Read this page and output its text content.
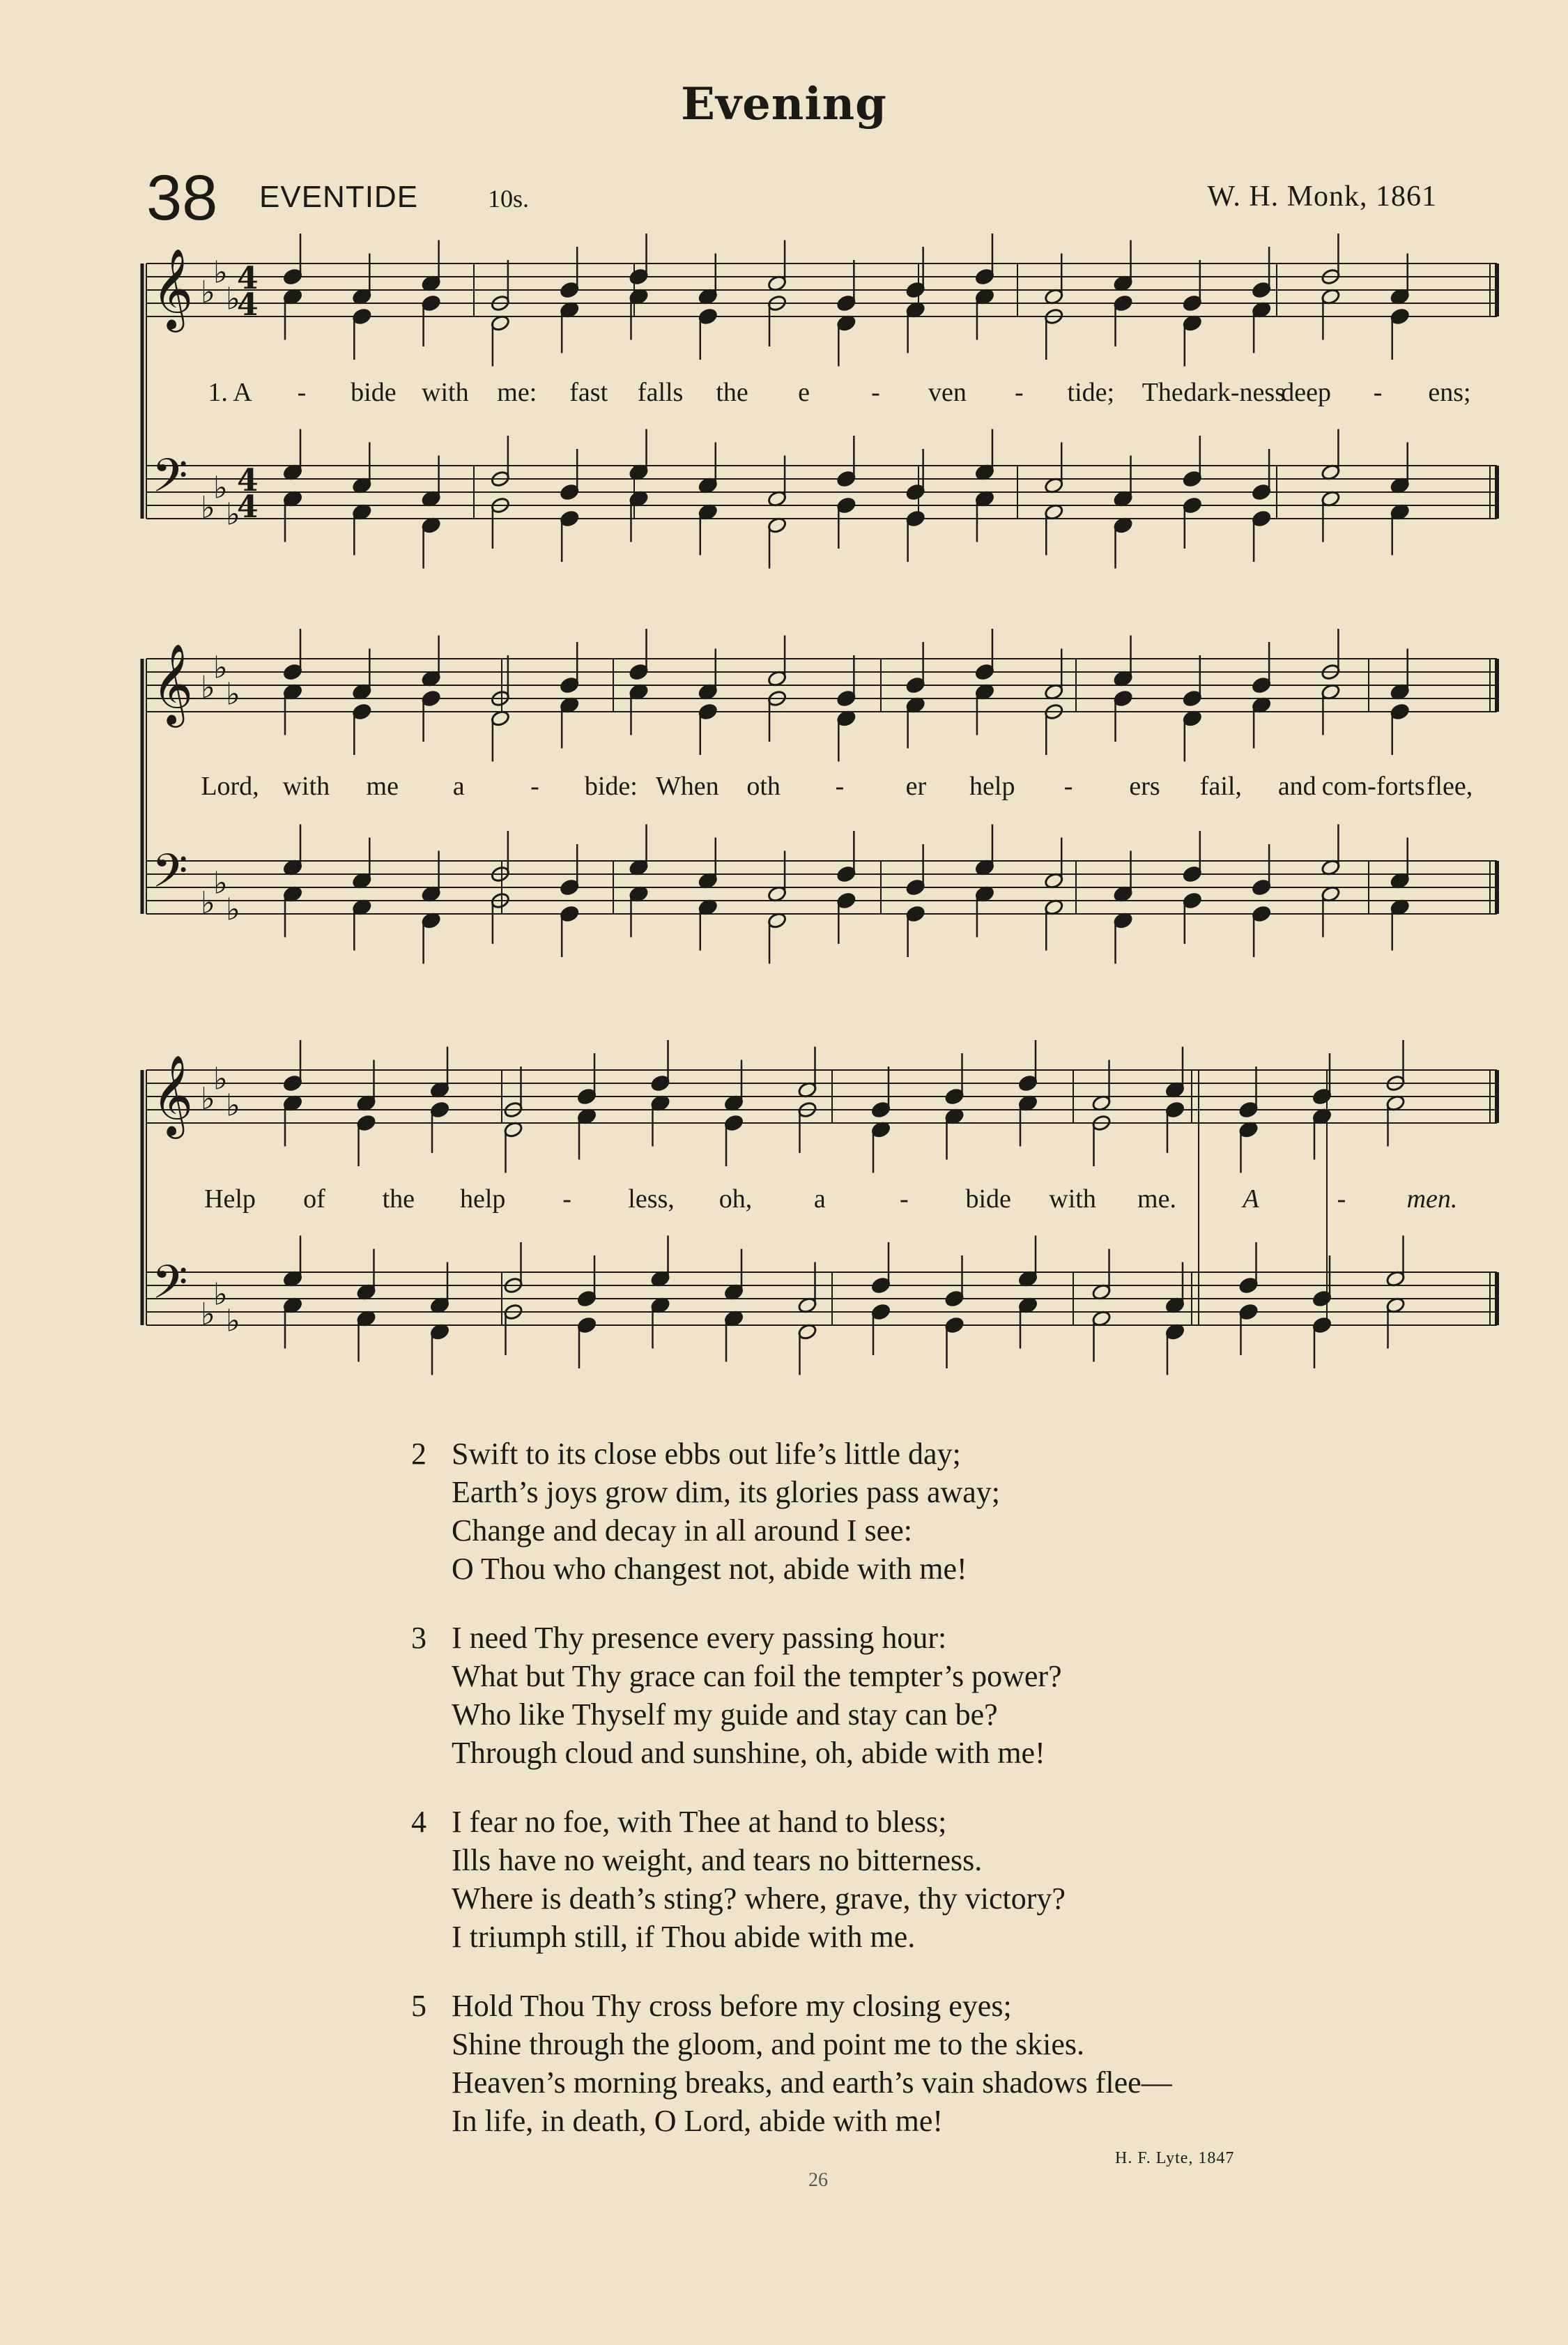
Evening
38 EVENTIDE	10s.	W. H. Monk, 1861
𝄞
𝄢
♭
♭
♭
♭
♭
♭
4
4
4
4
𝄞
𝄢
♭
♭
♭
♭
♭
♭
𝄞
𝄢
♭
♭
♭
♭
♭
♭
1. A - bide with me: fast falls the e - ven - tide; The dark-ness
deep - ens;
Lord, with me a - bide: When oth - er help - ers fail, and com-forts flee,
Help of the help - less, oh, a	- bide with me.	A	- men.
2 Swift to its close ebbs out life’s little day;
Earth’s joys grow dim, its glories pass away;
Change and decay in all around I see:
O Thou who changest not, abide with me!
3 I need Thy presence every passing hour:
What but Thy grace can foil the tempter’s power?
Who like Thyself my guide and stay can be?
Through cloud and sunshine, oh, abide with me!
4 I fear no foe, with Thee at hand to bless;
Ills have no weight, and tears no bitterness.
Where is death’s sting? where, grave, thy victory?
I triumph still, if Thou abide with me.
5 Hold Thou Thy cross before my closing eyes;
Shine through the gloom, and point me to the skies.
Heaven’s morning breaks, and earth’s vain shadows flee—
In life, in death, O Lord, abide with me!
H. F. Lyte, 1847
26
